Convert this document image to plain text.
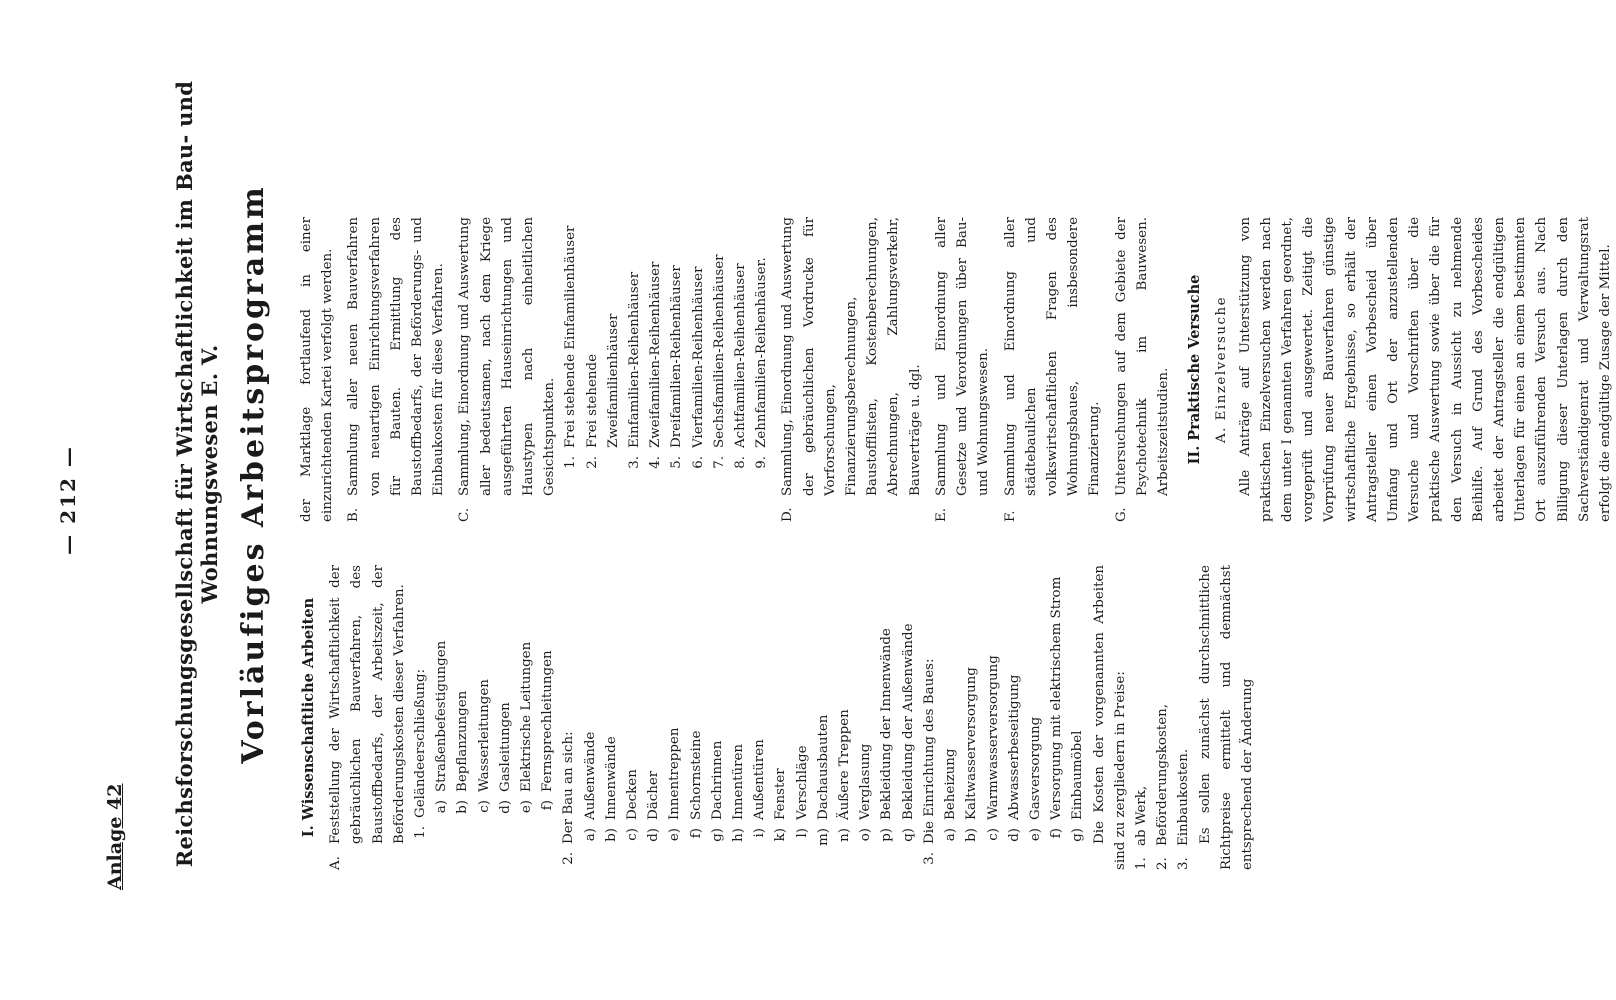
— 212 —
Anlage 42 Reichsforschungsgesellschaft für Wirtschaftlichkeit im Bau- und Wohnungswesen E. V. Vorläufiges Arbeitsprogramm I. Wissenschaftliche Arbeiten
A.
Feststellung der Wirtschaftlichkeit der gebräuchlichen Bauverfahren, des Baustoffbedarfs, der Arbeitszeit, der Beförderungskosten dieser Verfahren. 1.
Geländeerschließung: a)
Straßenbefestigungen
b)
Bepflanzungen
c)
Wasserleitungen
d)
Gasleitungen
e)
Elektrische Leitungen
f)
Fernsprechleitungen
2.
Der Bau an sich: a)
Außenwände
b)
Innenwände
c)
Decken
d)
Dächer
e)
Innentreppen
f)
Schornsteine
g)
Dachrinnen
h)
Innentüren
i)
Außentüren
k)
Fenster
l)
Verschläge
m)
Dachausbauten
n)
Äußere Treppen
o)
Verglasung
p)
Bekleidung der Innenwände
q)
Bekleidung der Außenwände
3.
Die Einrichtung des Baues: a)
Beheizung
b)
Kaltwasserversorgung
c)
Warmwasserversorgung
d)
Abwasserbeseitigung
e)
Gasversorgung
f)
Versorgung mit elektrischem Strom
g)
Einbaumöbel Die Kosten der vorgenannten Arbeiten sind zu zergliedern in Preise: 1.
ab Werk,
2.
Beförderungskosten,
3.
Einbaukosten. Es sollen zunächst durchschnittliche Richtpreise ermittelt und demnächst entsprechend der Änderung

der Marktlage fortlaufend in einer einzurichtenden Kartei verfolgt werden. B.
Sammlung aller neuen Bauverfahren von neuartigen Einrichtungsverfahren für Bauten. Ermittlung des Baustoffbedarfs, der Beförderungs- und Einbaukosten für diese Verfahren.
C.
Sammlung, Einordnung und Auswertung aller bedeutsamen, nach dem Kriege ausgeführten Hauseinrichtungen und Haustypen nach einheitlichen Gesichtspunkten. 1.
Frei stehende Einfamilienhäuser
2.
Frei stehende Zweifamilienhäuser
3.
Einfamilien-Reihenhäuser
4.
Zweifamilien-Reihenhäuser
5.
Dreifamilien-Reihenhäuser
6.
Vierfamilien-Reihenhäuser
7.
Sechsfamilien-Reihenhäuser
8.
Achtfamilien-Reihenhäuser
9.
Zehnfamilien-Reihenhäuser.
D.
Sammlung, Einordnung und Auswertung der gebräuchlichen Vordrucke für Vorforschungen, Finanzierungsberechnungen, Baustofflisten, Kostenberechnungen, Abrechnungen, Zahlungsverkehr, Bauverträge u. dgl.
E.
Sammlung und Einordnung aller Gesetze und Verordnungen über Bau- und Wohnungswesen.
F.
Sammlung und Einordnung aller städtebaulichen und volkswirtschaftlichen Fragen des Wohnungsbaues, insbesondere Finanzierung.
G.
Untersuchungen auf dem Gebiete der Psychotechnik im Bauwesen. Arbeitszeitstudien. II. Praktische Versuche A. Einzelversuche Alle Anträge auf Unterstützung von praktischen Einzelversuchen werden nach dem unter I genannten Verfahren geordnet, vorgeprüft und ausgewertet. Zeitigt die Vorprüfung neuer Bauverfahren günstige wirtschaftliche Ergebnisse, so erhält der Antragsteller einen Vorbescheid über Umfang und Ort der anzustellenden Versuche und Vorschriften über die praktische Auswertung sowie über die für den Versuch in Aussicht zu nehmende Beihilfe. Auf Grund des Vorbescheides arbeitet der Antragsteller die endgültigen Unterlagen für einen an einem bestimmten Ort auszuführenden Versuch aus. Nach Billigung dieser Unterlagen durch den Sachverständigenrat und Verwaltungsrat erfolgt die endgültige Zusage der Mittel.
